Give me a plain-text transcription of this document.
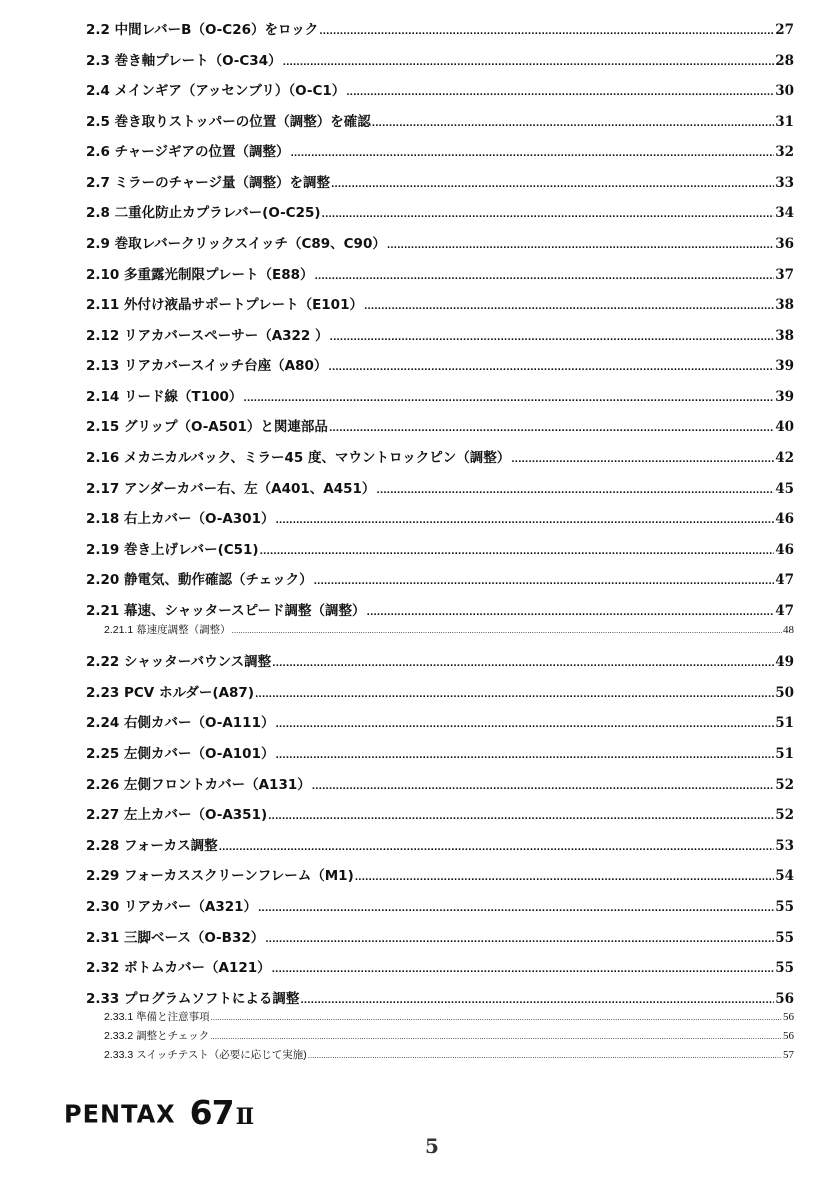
2.2 中間レバーB（O-C26）をロック .....	27
2.3 巻き軸プレート（O-C34） .....	28
2.4 メインギア（アッセンブリ）（O-C1） .....	30
2.5 巻き取りストッパーの位置（調整）を確認 .....	31
2.6 チャージギアの位置（調整） .....	32
2.7 ミラーのチャージ量（調整）を調整 .....	33
2.8 二重化防止カプラレバー(O-C25) .....	34
2.9 巻取レバークリックスイッチ（C89、C90） .....	36
2.10 多重露光制限プレート（E88） .....	37
2.11 外付け液晶サポートプレート（E101） .....	38
2.12 リアカバースペーサー（A322 ） .....	38
2.13 リアカバースイッチ台座（A80） .....	39
2.14 リード線（T100） .....	39
2.15 グリップ（O-A501）と関連部品 .....	40
2.16 メカニカルバック、ミラー45 度、マウントロックピン（調整） .....	42
2.17 アンダーカバー右、左（A401、A451） .....	45
2.18 右上カバー（O-A301） .....	46
2.19 巻き上げレバー(C51) .....	46
2.20 静電気、動作確認（チェック） .....	47
2.21 幕速、シャッタースピード調整（調整） .....	47
2.21.1 幕速度調整（調整） .....	48
2.22 シャッターバウンス調整 .....	49
2.23 PCV ホルダー(A87) .....	50
2.24 右側カバー（O-A111） .....	51
2.25 左側カバー（O-A101） .....	51
2.26 左側フロントカバー（A131） .....	52
2.27 左上カバー（O-A351) .....	52
2.28 フォーカス調整 .....	53
2.29 フォーカススクリーンフレーム（M1) .....	54
2.30 リアカバー（A321） .....	55
2.31 三脚ベース（O-B32） .....	55
2.32 ボトムカバー（A121） .....	55
2.33 プログラムソフトによる調整 .....	56
2.33.1 準備と注意事項 .....	56
2.33.2 調整とチェック .....	56
2.33.3 スイッチテスト（必要に応じて実施) .....	57
PENTAX 67 Ⅱ
5
